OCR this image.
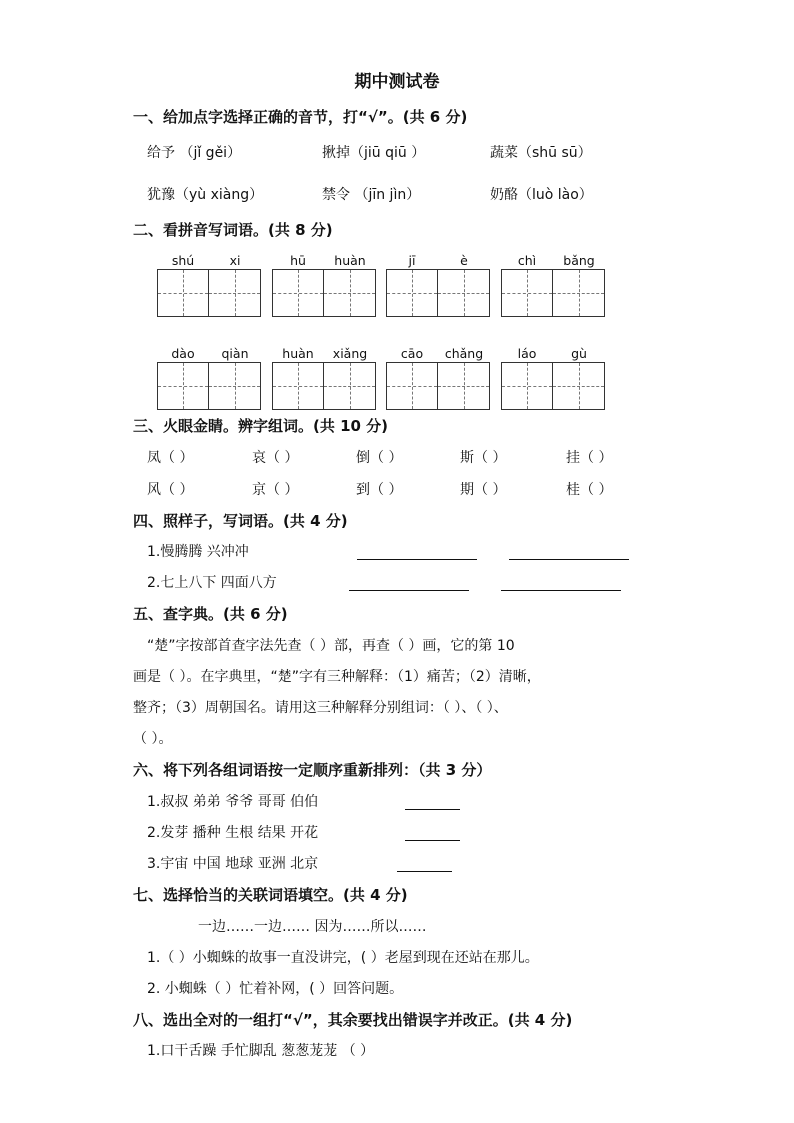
期中测试卷
一、给加点字选择正确的音节，打“√”。(共 6 分)
给予 （jǐ gěi）	揪掉（jiū qiū ）	蔬菜（shū sū）
犹豫（yù xiàng）	禁令 （jīn jìn）	奶酪（luò lào）
二、看拼音写词语。(共 8 分)
shú	xi	hū	huàn	jī	è	chì	bǎng
dào	qiàn	huàn	xiǎng	cāo	chǎng	láo	gù
三、火眼金睛。辨字组词。(共 10 分)
凤（ ）	哀（ ）	倒（ ）	斯（ ）	挂（ ）
风（ ）	京（ ）	到（ ）	期（ ）	桂（ ）
四、照样子，写词语。(共 4 分)
1.慢腾腾 兴冲冲
2.七上八下 四面八方
五、查字典。(共 6 分)
“楚”字按部首查字法先查（ ）部，再查（ ）画，它的第 10
画是（ ）。在字典里，“楚”字有三种解释：（1）痛苦；（2）清晰，
整齐；（3）周朝国名。请用这三种解释分别组词：（ ）、（ ）、
（ ）。
六、将下列各组词语按一定顺序重新排列：（共 3 分）
1.叔叔 弟弟 爷爷 哥哥 伯伯
2.发芽 播种 生根 结果 开花
3.宇宙 中国 地球 亚洲 北京
七、选择恰当的关联词语填空。(共 4 分)
一边……一边…… 因为……所以……
1.（ ）小蜘蛛的故事一直没讲完，( ）老屋到现在还站在那儿。
2. 小蜘蛛（ ）忙着补网，( ）回答问题。
八、选出全对的一组打“√”，其余要找出错误字并改正。(共 4 分)
1.口干舌躁 手忙脚乱 葱葱茏茏 （ ）
